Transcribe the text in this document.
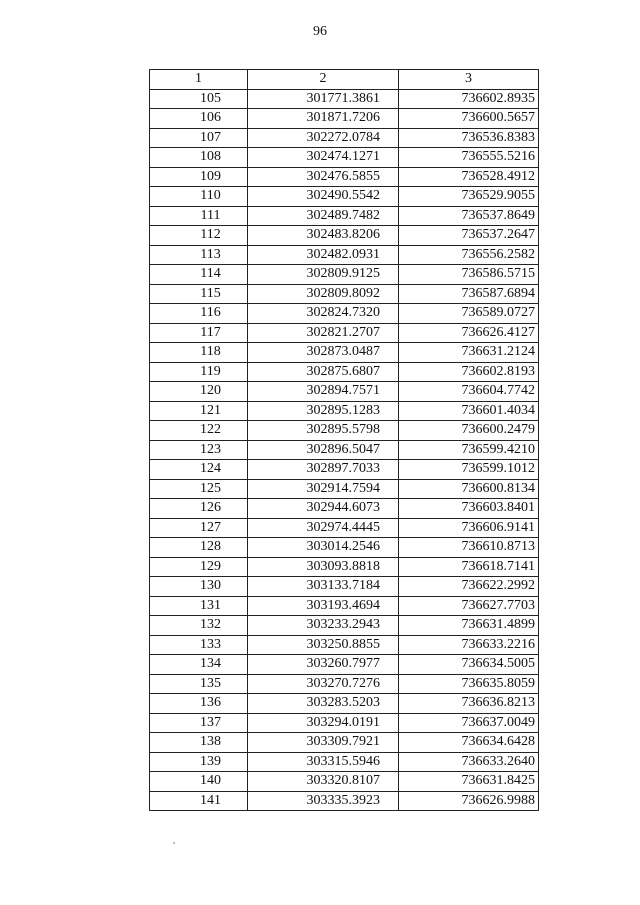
96
1	2	3
105	301771.3861	736602.8935
106	301871.7206	736600.5657
107	302272.0784	736536.8383
108	302474.1271	736555.5216
109	302476.5855	736528.4912
110	302490.5542	736529.9055
111	302489.7482	736537.8649
112	302483.8206	736537.2647
113	302482.0931	736556.2582
114	302809.9125	736586.5715
115	302809.8092	736587.6894
116	302824.7320	736589.0727
117	302821.2707	736626.4127
118	302873.0487	736631.2124
119	302875.6807	736602.8193
120	302894.7571	736604.7742
121	302895.1283	736601.4034
122	302895.5798	736600.2479
123	302896.5047	736599.4210
124	302897.7033	736599.1012
125	302914.7594	736600.8134
126	302944.6073	736603.8401
127	302974.4445	736606.9141
128	303014.2546	736610.8713
129	303093.8818	736618.7141
130	303133.7184	736622.2992
131	303193.4694	736627.7703
132	303233.2943	736631.4899
133	303250.8855	736633.2216
134	303260.7977	736634.5005
135	303270.7276	736635.8059
136	303283.5203	736636.8213
137	303294.0191	736637.0049
138	303309.7921	736634.6428
139	303315.5946	736633.2640
140	303320.8107	736631.8425
141	303335.3923	736626.9988
